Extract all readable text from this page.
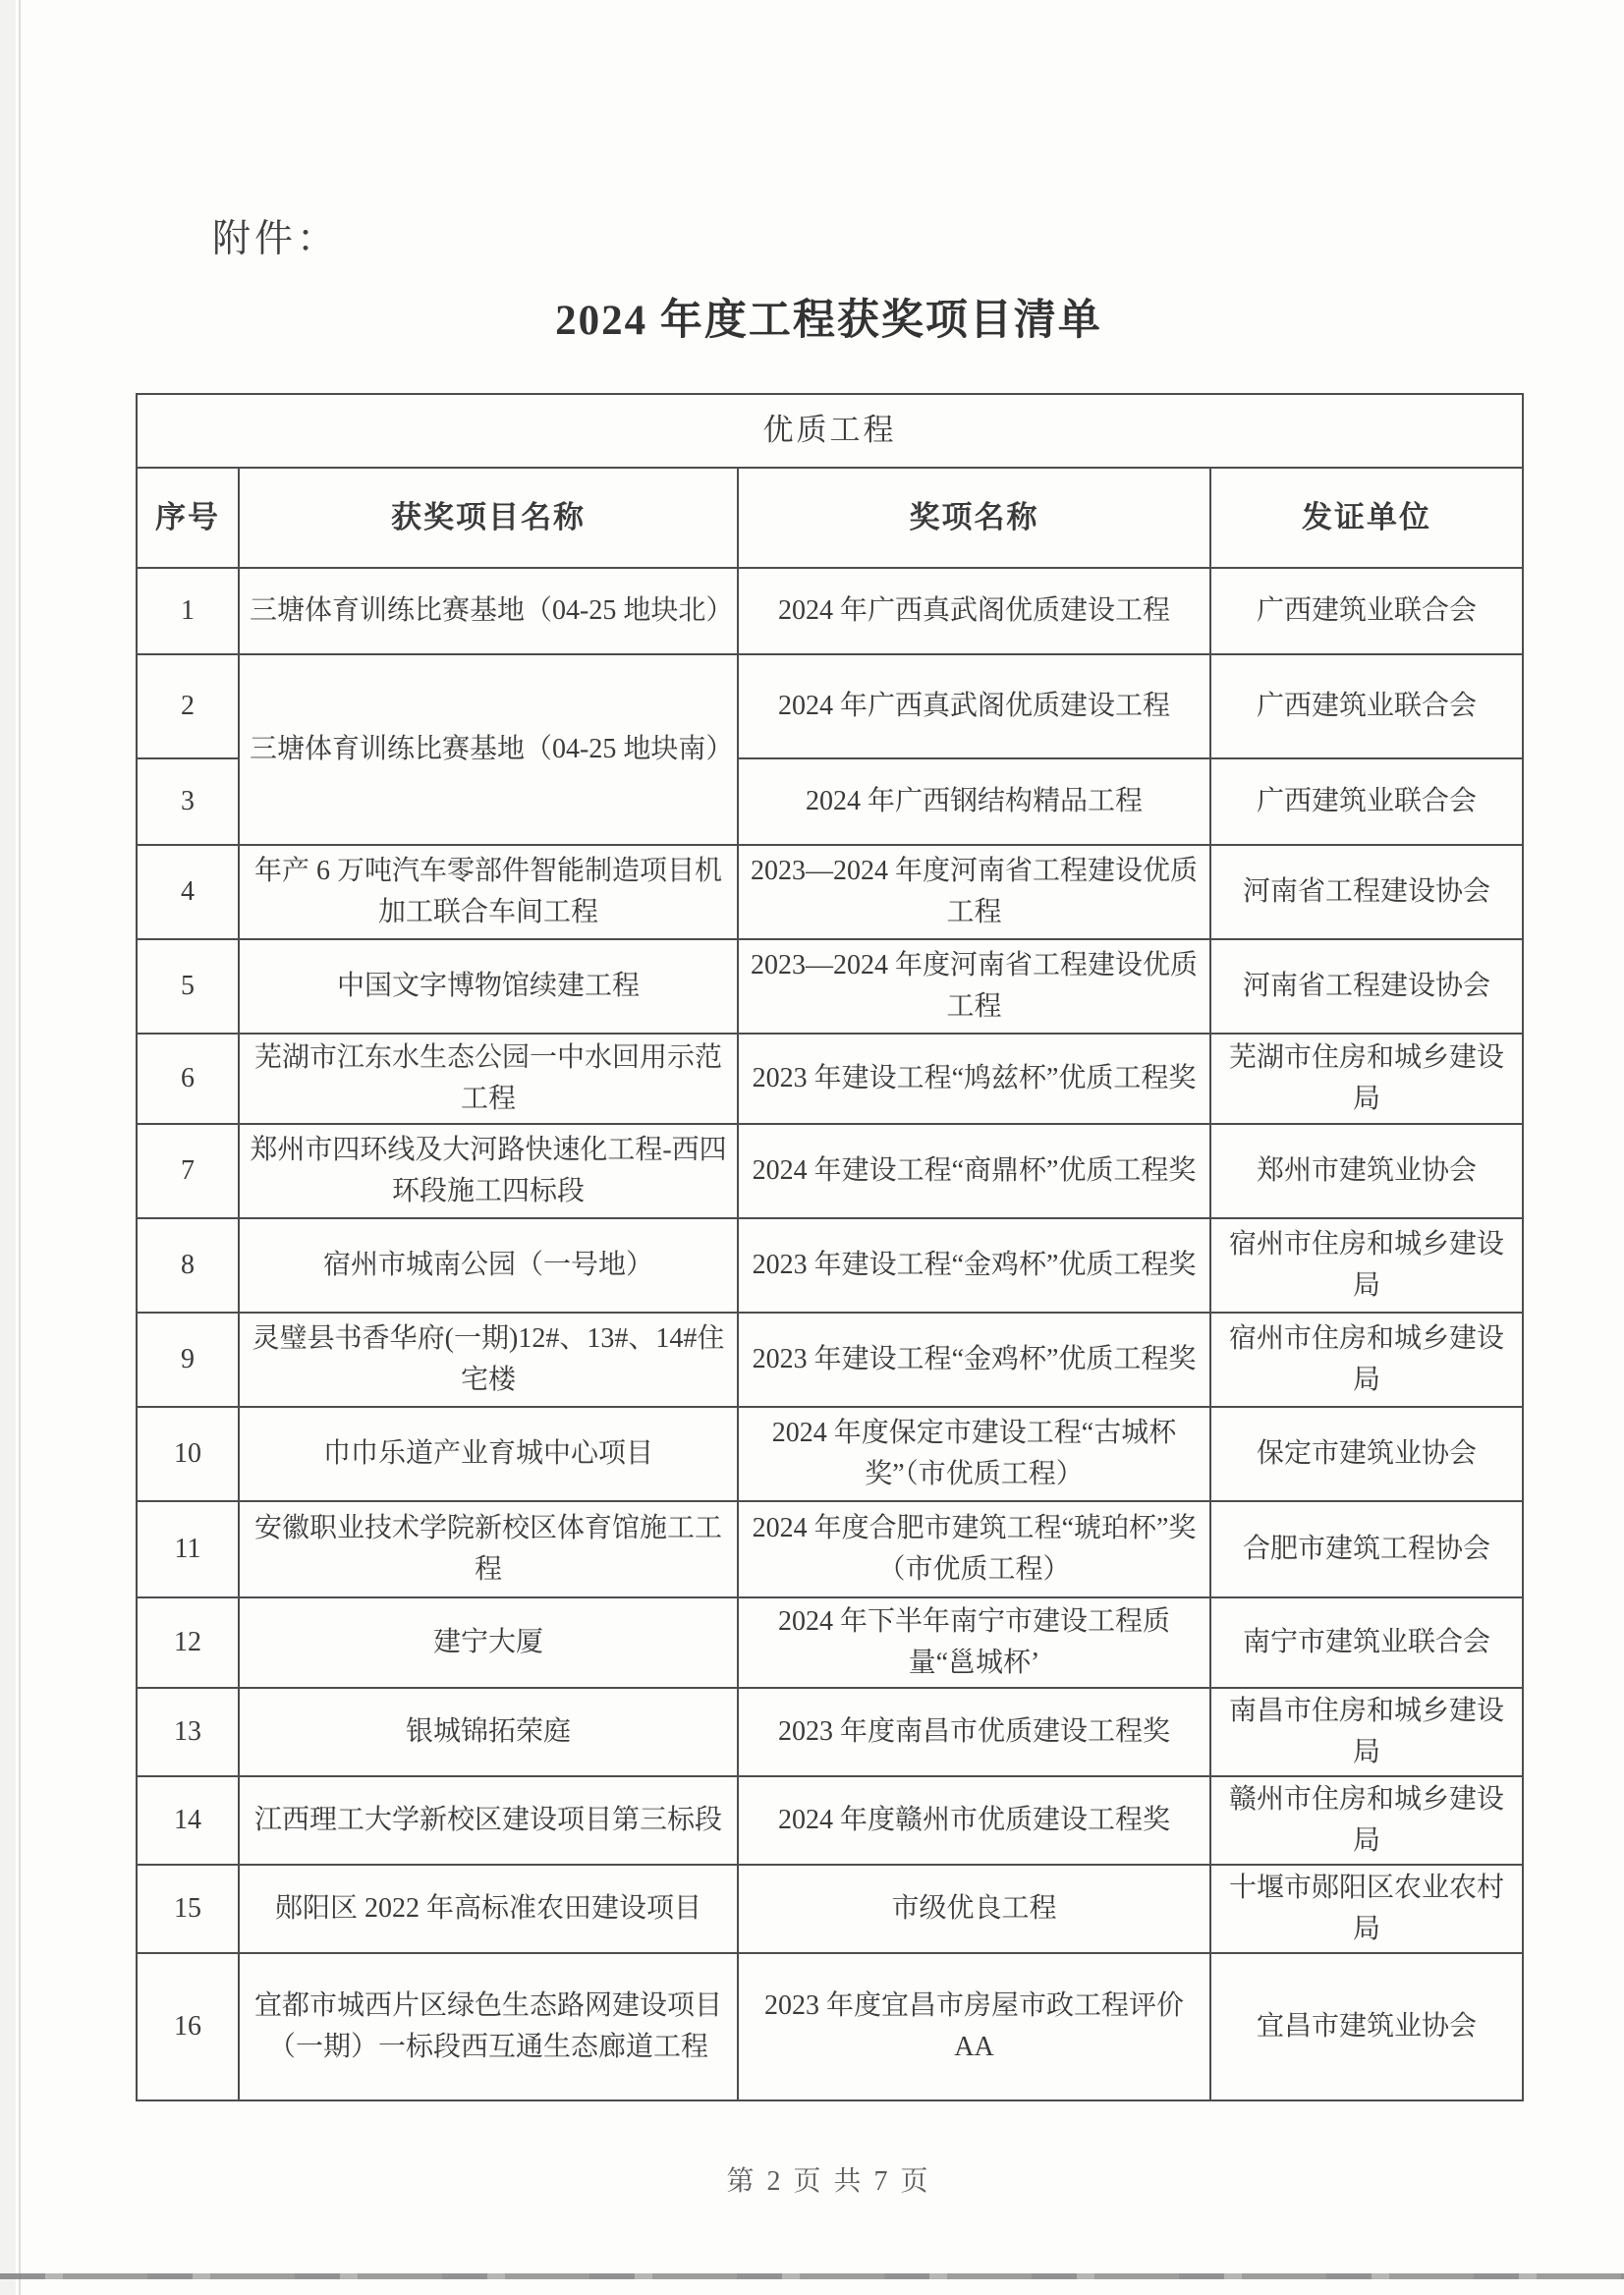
附件：
2024 年度工程获奖项目清单
优质工程			
序号	获奖项目名称	奖项名称	发证单位
1	三塘体育训练比赛基地（04-25 地块北）	2024 年广西真武阁优质建设工程	广西建筑业联合会
2	三塘体育训练比赛基地（04-25 地块南）	2024 年广西真武阁优质建设工程	广西建筑业联合会
3		2024 年广西钢结构精品工程	广西建筑业联合会
4	年产 6 万吨汽车零部件智能制造项目机加工联合车间工程	2023—2024 年度河南省工程建设优质工程	河南省工程建设协会
5	中国文字博物馆续建工程	2023—2024 年度河南省工程建设优质工程	河南省工程建设协会
6	芜湖市江东水生态公园一中水回用示范工程	2023 年建设工程“鸠兹杯”优质工程奖	芜湖市住房和城乡建设局
7	郑州市四环线及大河路快速化工程-西四环段施工四标段	2024 年建设工程“商鼎杯”优质工程奖	郑州市建筑业协会
8	宿州市城南公园（一号地）	2023 年建设工程“金鸡杯”优质工程奖	宿州市住房和城乡建设局
9	灵璧县书香华府(一期)12#、13#、14#住宅楼	2023 年建设工程“金鸡杯”优质工程奖	宿州市住房和城乡建设局
10	巾巾乐道产业育城中心项目	2024 年度保定市建设工程“古城杯奖”（市优质工程）	保定市建筑业协会
11	安徽职业技术学院新校区体育馆施工工程	2024 年度合肥市建筑工程“琥珀杯”奖（市优质工程）	合肥市建筑工程协会
12	建宁大厦	2024 年下半年南宁市建设工程质量“邕城杯’	南宁市建筑业联合会
13	银城锦拓荣庭	2023 年度南昌市优质建设工程奖	南昌市住房和城乡建设局
14	江西理工大学新校区建设项目第三标段	2024 年度赣州市优质建设工程奖	赣州市住房和城乡建设局
15	郧阳区 2022 年高标准农田建设项目	市级优良工程	十堰市郧阳区农业农村局
16	宜都市城西片区绿色生态路网建设项目（一期）一标段西互通生态廊道工程	2023 年度宜昌市房屋市政工程评价 AA	宜昌市建筑业协会
第 2 页 共 7 页
